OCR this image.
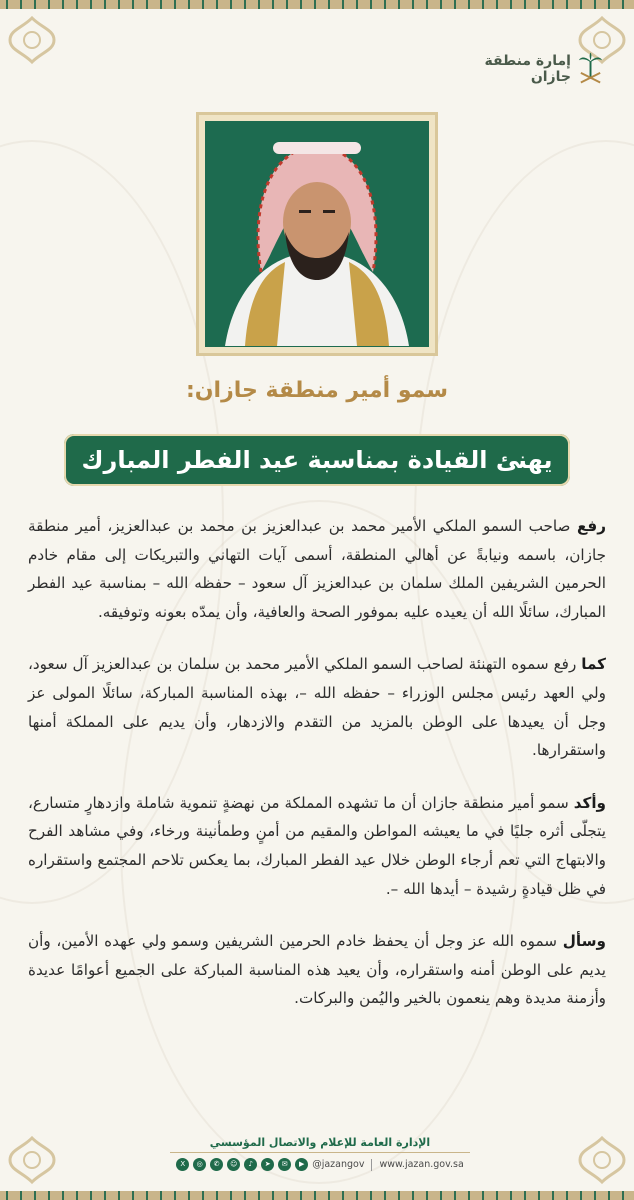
إمارة منطقة جازان
سمو أمير منطقة جازان:
يهنئ القيادة بمناسبة عيد الفطر المبارك

رفع صاحب السمو الملكي الأمير محمد بن عبدالعزيز بن محمد بن عبدالعزيز، أمير منطقة جازان، باسمه ونيابةً عن أهالي المنطقة، أسمى آيات التهاني والتبريكات إلى مقام خادم الحرمين الشريفين الملك سلمان بن عبدالعزيز آل سعود – حفظه الله – بمناسبة عيد الفطر المبارك، سائلًا الله أن يعيده عليه بموفور الصحة والعافية، وأن يمدّه بعونه وتوفيقه.

كما رفع سموه التهنئة لصاحب السمو الملكي الأمير محمد بن سلمان بن عبدالعزيز آل سعود، ولي العهد رئيس مجلس الوزراء – حفظه الله –، بهذه المناسبة المباركة، سائلًا المولى عز وجل أن يعيدها على الوطن بالمزيد من التقدم والازدهار، وأن يديم على المملكة أمنها واستقرارها.

وأكد سمو أمير منطقة جازان أن ما تشهده المملكة من نهضةٍ تنموية شاملة وازدهارٍ متسارع، يتجلّى أثره جليًا في ما يعيشه المواطن والمقيم من أمنٍ وطمأنينة ورخاء، وفي مشاهد الفرح والابتهاج التي تعم أرجاء الوطن خلال عيد الفطر المبارك، بما يعكس تلاحم المجتمع واستقراره في ظل قيادةٍ رشيدة – أيدها الله –.

وسأل سموه الله عز وجل أن يحفظ خادم الحرمين الشريفين وسمو ولي عهده الأمين، وأن يديم على الوطن أمنه واستقراره، وأن يعيد هذه المناسبة المباركة على الجميع أعوامًا عديدة وأزمنة مديدة وهم ينعمون بالخير واليُمن والبركات.

الإدارة العامة للإعلام والاتصال المؤسسي
X	◎	✆	☺	♪	➤	✉	▶ @jazangov www.jazan.gov.sa
